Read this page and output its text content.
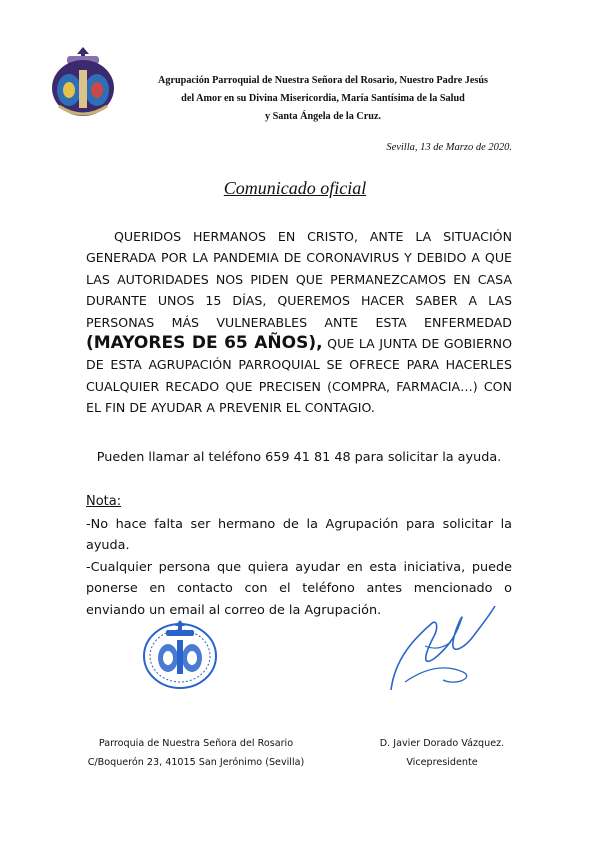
Agrupación Parroquial de Nuestra Señora del Rosario, Nuestro Padre Jesús
del Amor en su Divina Misericordia, María Santísima de la Salud
y Santa Ángela de la Cruz.
Sevilla, 13 de Marzo de 2020.
Comunicado oficial
QUERIDOS HERMANOS EN CRISTO, ANTE LA SITUACIÓN GENERADA POR LA PANDEMIA DE CORONAVIRUS Y DEBIDO A QUE LAS AUTORIDADES NOS PIDEN QUE PERMANEZCAMOS EN CASA DURANTE UNOS 15 DÍAS, QUEREMOS HACER SABER A LAS PERSONAS MÁS VULNERABLES ANTE ESTA ENFERMEDAD (MAYORES DE 65 AÑOS), QUE LA JUNTA DE GOBIERNO DE ESTA AGRUPACIÓN PARROQUIAL SE OFRECE PARA HACERLES CUALQUIER RECADO QUE PRECISEN (COMPRA, FARMACIA…) CON EL FIN DE AYUDAR A PREVENIR EL CONTAGIO.
Pueden llamar al teléfono 659 41 81 48 para solicitar la ayuda.
Nota:
-No hace falta ser hermano de la Agrupación para solicitar la ayuda.
-Cualquier persona que quiera ayudar en esta iniciativa, puede ponerse en contacto con el teléfono antes mencionado o enviando un email al correo de la Agrupación.
Parroquia de Nuestra Señora del Rosario
C/Boquerón 23, 41015 San Jerónimo (Sevilla)
D. Javier Dorado Vázquez.
Vicepresidente
